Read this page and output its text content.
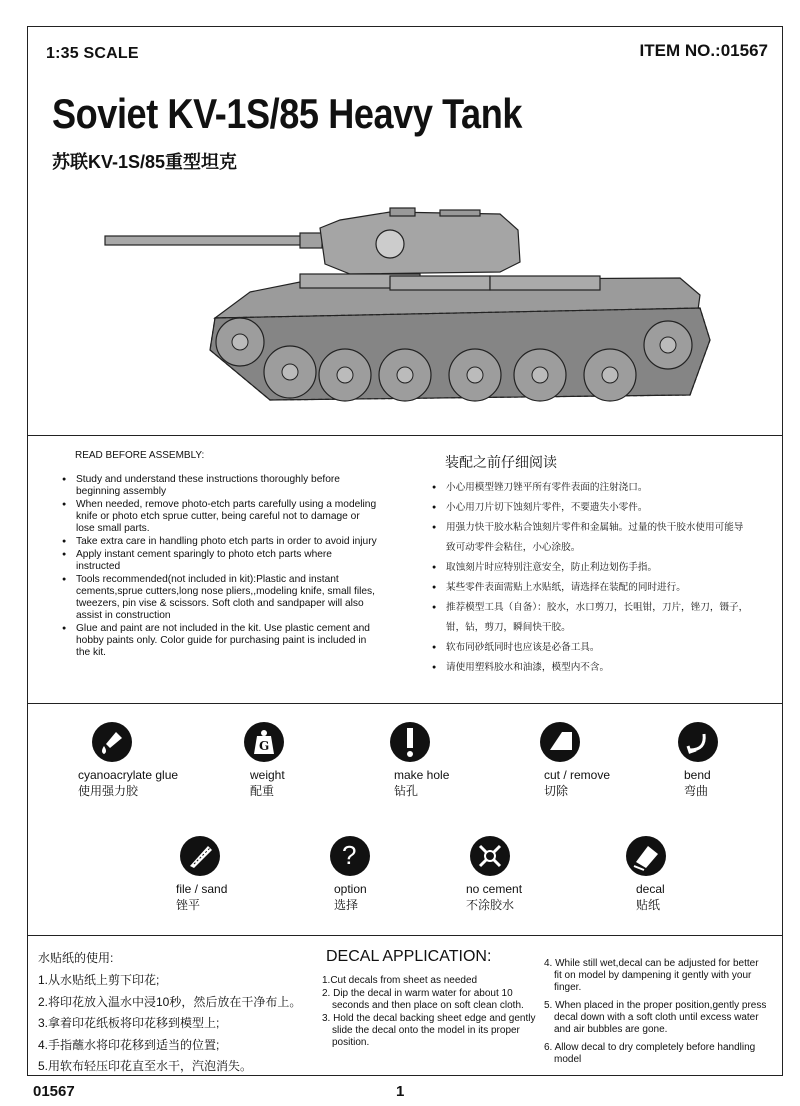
1:35 SCALE	ITEM NO.:01567
Soviet KV-1S/85 Heavy Tank
苏联KV-1S/85重型坦克
READ BEFORE ASSEMBLY:	装配之前仔细阅读
● Study and understand these instructions thoroughly before beginning assembly
● When needed, remove photo-etch parts carefully using a modeling knife or photo etch sprue cutter, being careful not to damage or lose small parts.
● Take extra care in handling photo etch parts in order to avoid injury
● Apply instant cement sparingly to photo etch parts where instructed
● Tools recommended(not included in kit):Plastic and instant cements,sprue cutters,long nose pliers,,modeling knife, small files, tweezers, pin vise & scissors. Soft cloth and sandpaper will also assist in construction
● Glue and paint are not included in the kit. Use plastic cement and hobby paints only. Color guide for purchasing paint is included in the kit.
● 小心用模型锉刀锉平所有零件表面的注射浇口。
● 小心用刀片切下蚀刻片零件，不要遗失小零件。
● 用强力快干胶水粘合蚀刻片零件和金属轴。过量的快干胶水使用可能导致可动零件会粘住，小心涂胶。
● 取蚀刻片时应特别注意安全，防止利边划伤手指。
● 某些零件表面需贴上水贴纸，请选择在装配的同时进行。
● 推荐模型工具（自备）：胶水，水口剪刀，长咀钳，刀片，锉刀，镊子，钳，钻，剪刀，瞬间快干胶。
● 软布同砂纸同时也应该是必备工具。
● 请使用塑料胶水和油漆，模型内不含。
cyanoacrylate glue
使用强力胶
G
weight
配重
make hole
钻孔
cut / remove
切除
bend
弯曲
file / sand
锉平
?
option
选择
no cement
不涂胶水
decal
贴纸
水贴纸的使用:
1.从水贴纸上剪下印花;
2.将印花放入温水中浸10秒，然后放在干净布上。
3.拿着印花纸板将印花移到模型上;
4.手指蘸水将印花移到适当的位置;
5.用软布轻压印花直至水干，汽泡消失。
DECAL APPLICATION:
1.Cut decals from sheet as needed
2. Dip the decal in warm water for about 10 seconds and then place on soft clean cloth.
3. Hold the decal backing sheet edge and gently slide the decal onto the model in its proper position.
4. While still wet,decal can be adjusted for better fit on model by dampening it gently with your finger.
5. When placed in the proper position,gently press decal down with a soft cloth until excess water and air bubbles are gone.
6. Allow decal to dry completely before handling model
01567	1
